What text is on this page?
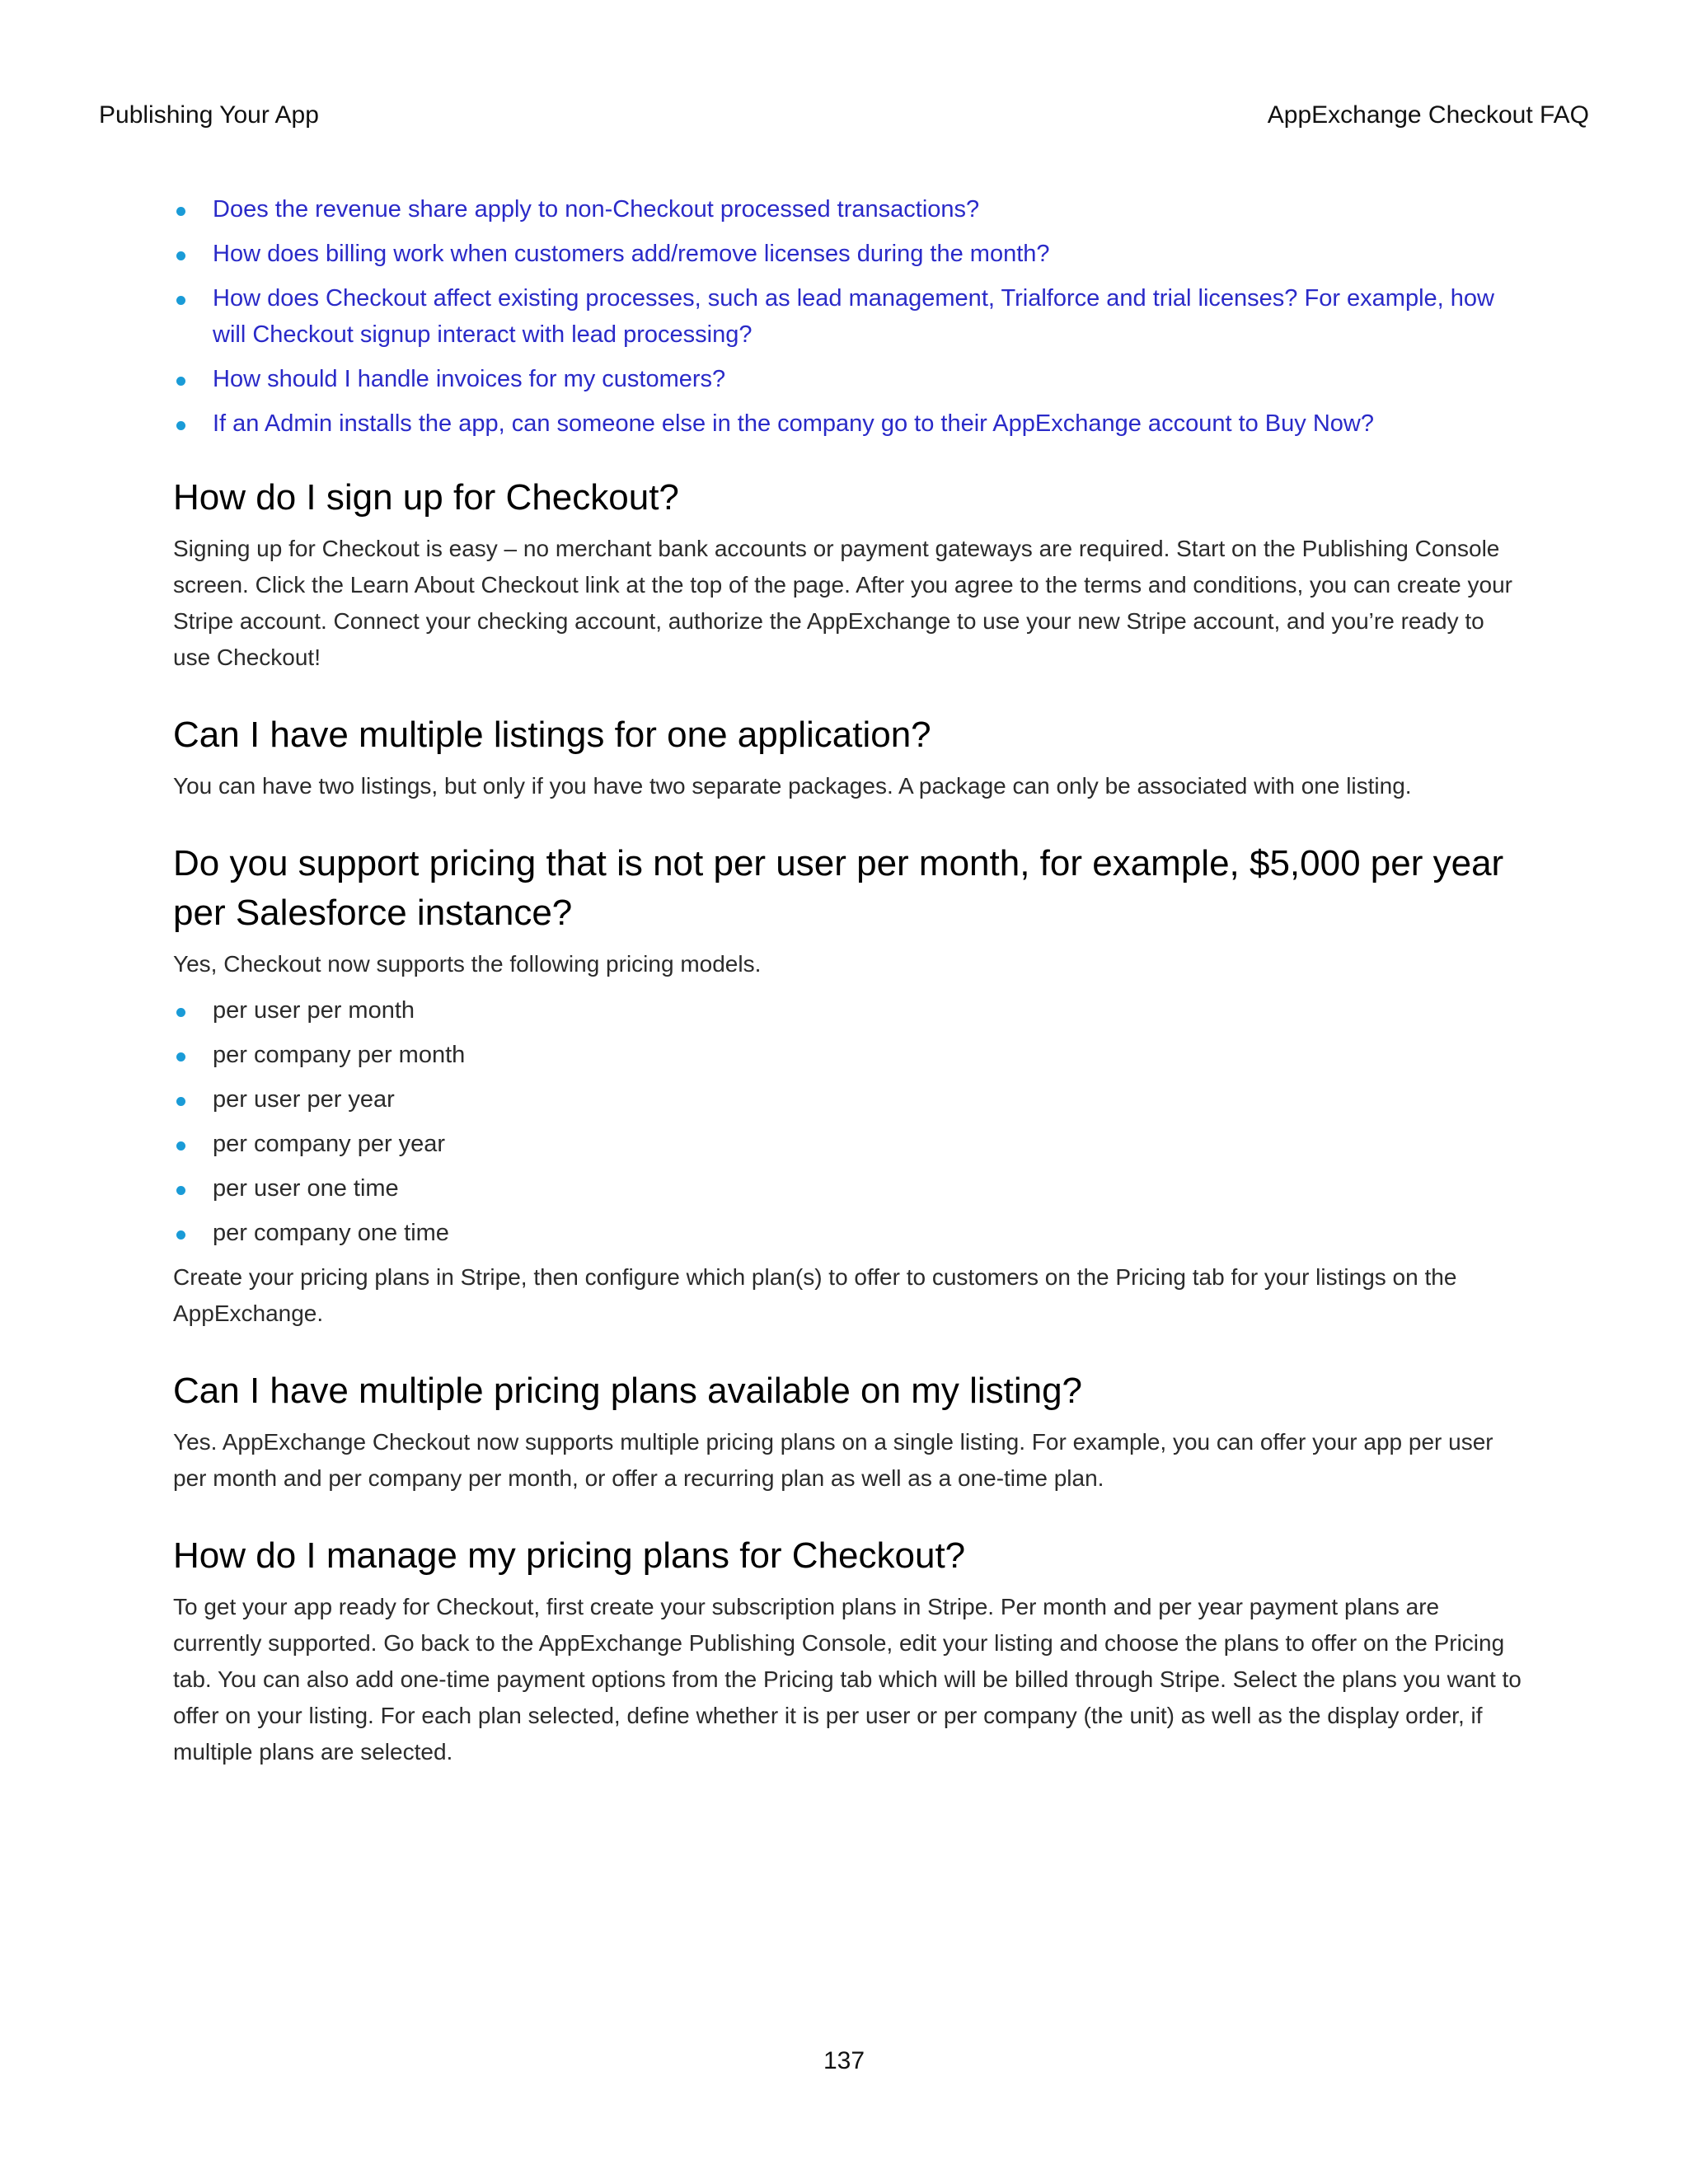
Publishing Your App	AppExchange Checkout FAQ
Does the revenue share apply to non-Checkout processed transactions?
How does billing work when customers add/remove licenses during the month?
How does Checkout affect existing processes, such as lead management, Trialforce and trial licenses? For example, how will Checkout signup interact with lead processing?
How should I handle invoices for my customers?
If an Admin installs the app, can someone else in the company go to their AppExchange account to Buy Now?
How do I sign up for Checkout?

Signing up for Checkout is easy – no merchant bank accounts or payment gateways are required. Start on the Publishing Console screen. Click the Learn About Checkout link at the top of the page. After you agree to the terms and conditions, you can create your Stripe account. Connect your checking account, authorize the AppExchange to use your new Stripe account, and you’re ready to use Checkout!

Can I have multiple listings for one application?

You can have two listings, but only if you have two separate packages. A package can only be associated with one listing.

Do you support pricing that is not per user per month, for example, $5,000 per year per Salesforce instance?

Yes, Checkout now supports the following pricing models.

per user per month
per company per month
per user per year
per company per year
per user one time
per company one time

Create your pricing plans in Stripe, then configure which plan(s) to offer to customers on the Pricing tab for your listings on the AppExchange.

Can I have multiple pricing plans available on my listing?

Yes. AppExchange Checkout now supports multiple pricing plans on a single listing. For example, you can offer your app per user per month and per company per month, or offer a recurring plan as well as a one-time plan.

How do I manage my pricing plans for Checkout?

To get your app ready for Checkout, first create your subscription plans in Stripe. Per month and per year payment plans are currently supported. Go back to the AppExchange Publishing Console, edit your listing and choose the plans to offer on the Pricing tab. You can also add one-time payment options from the Pricing tab which will be billed through Stripe. Select the plans you want to offer on your listing. For each plan selected, define whether it is per user or per company (the unit) as well as the display order, if multiple plans are selected.

137
